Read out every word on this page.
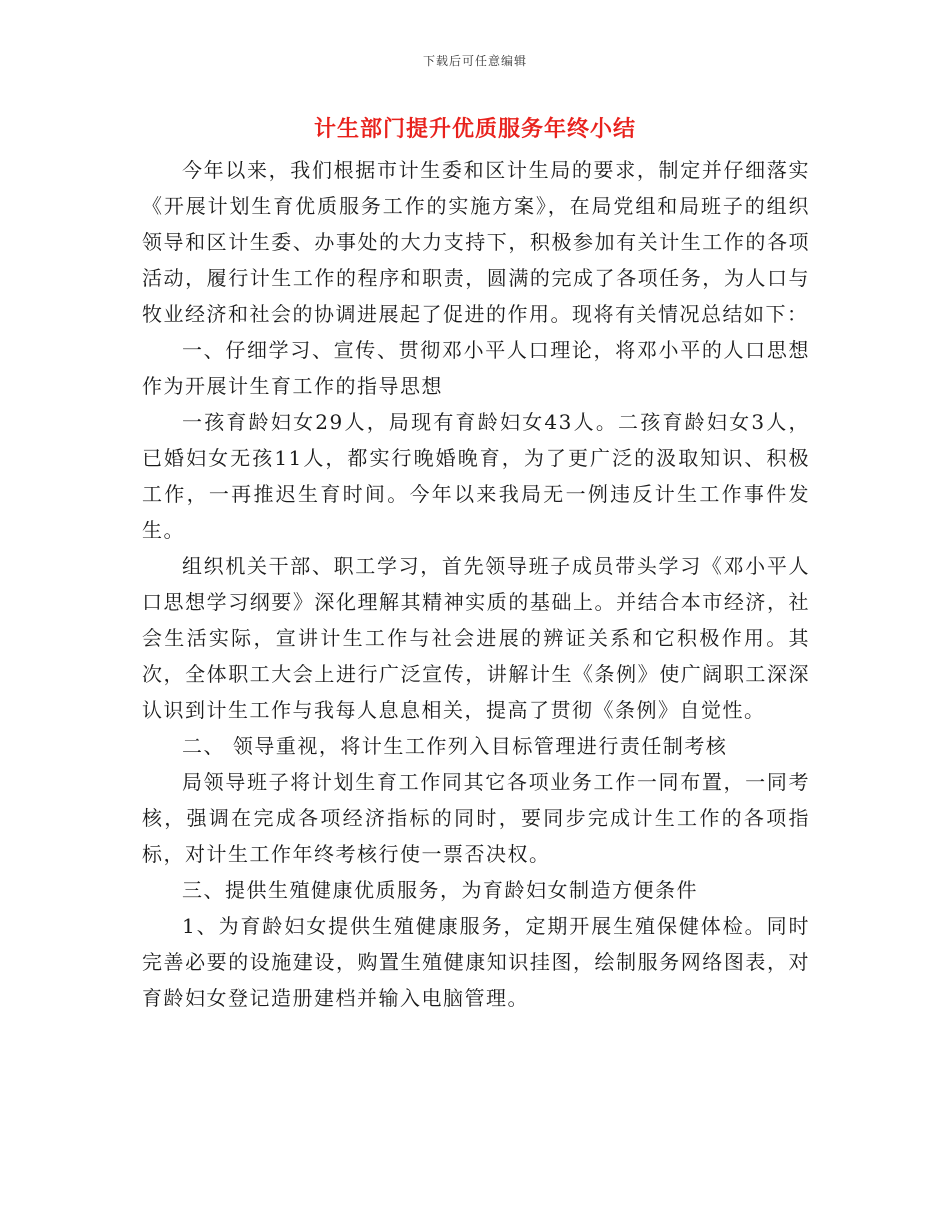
下载后可任意编辑
计生部门提升优质服务年终小结

今年以来，我们根据市计生委和区计生局的要求，制定并仔细落实《开展计划生育优质服务工作的实施方案》，在局党组和局班子的组织领导和区计生委、办事处的大力支持下，积极参加有关计生工作的各项活动，履行计生工作的程序和职责，圆满的完成了各项任务，为人口与牧业经济和社会的协调进展起了促进的作用。现将有关情况总结如下：

一、仔细学习、宣传、贯彻邓小平人口理论，将邓小平的人口思想作为开展计生育工作的指导思想

一孩育龄妇女29人，局现有育龄妇女43人。二孩育龄妇女3人，已婚妇女无孩11人，都实行晚婚晚育，为了更广泛的汲取知识、积极工作，一再推迟生育时间。今年以来我局无一例违反计生工作事件发生。

组织机关干部、职工学习，首先领导班子成员带头学习《邓小平人口思想学习纲要》深化理解其精神实质的基础上。并结合本市经济，社会生活实际，宣讲计生工作与社会进展的辨证关系和它积极作用。其次，全体职工大会上进行广泛宣传，讲解计生《条例》使广阔职工深深认识到计生工作与我每人息息相关，提高了贯彻《条例》自觉性。

二、 领导重视，将计生工作列入目标管理进行责任制考核

局领导班子将计划生育工作同其它各项业务工作一同布置，一同考核，强调在完成各项经济指标的同时，要同步完成计生工作的各项指标，对计生工作年终考核行使一票否决权。

三、提供生殖健康优质服务，为育龄妇女制造方便条件

1、为育龄妇女提供生殖健康服务，定期开展生殖保健体检。同时完善必要的设施建设，购置生殖健康知识挂图，绘制服务网络图表，对育龄妇女登记造册建档并输入电脑管理。
